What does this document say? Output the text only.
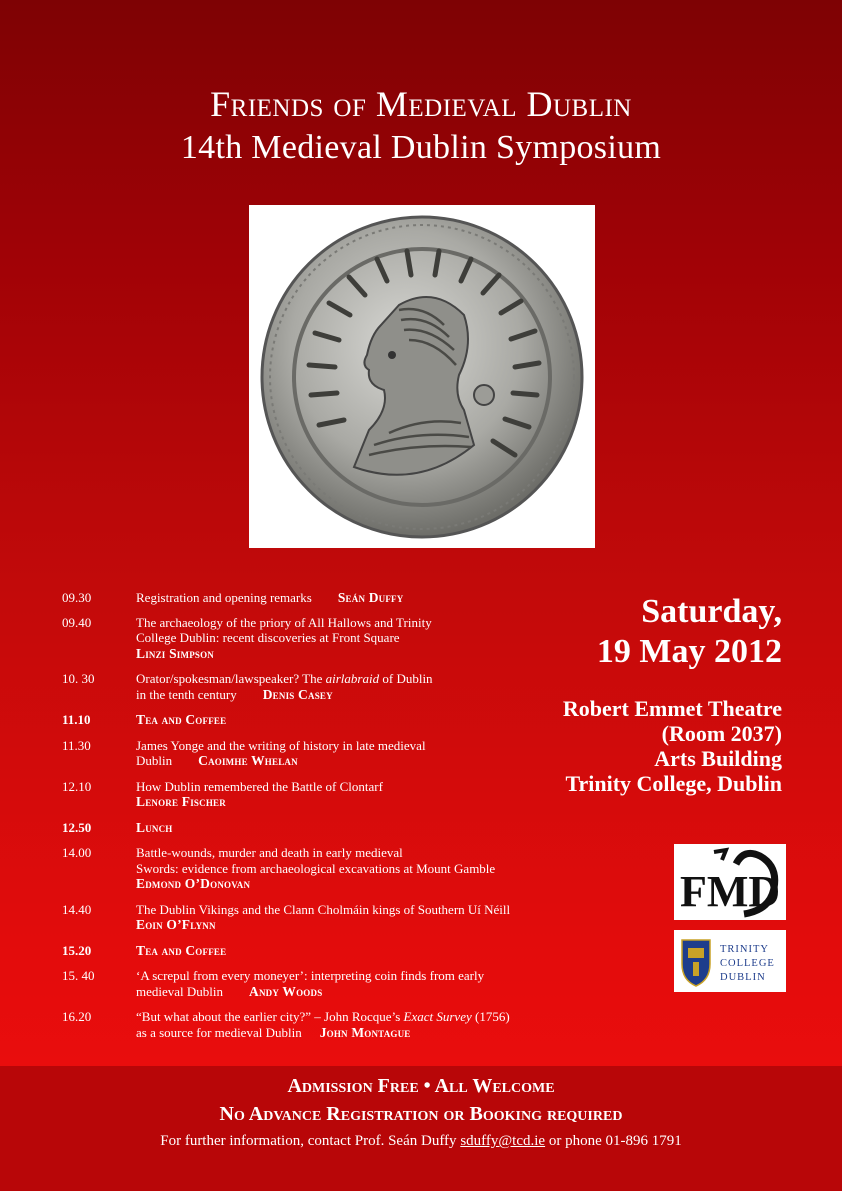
Friends of Medieval Dublin
14th Medieval Dublin Symposium
Saturday,
19 May 2012
Robert Emmet Theatre
(Room 2037)
Arts Building
Trinity College, Dublin
09.30	Registration and opening remarks Seán Duffy
09.40	The archaeology of the priory of All Hallows and Trinity
College Dublin: recent discoveries at Front Square
Linzi Simpson
10. 30	Orator/spokesman/lawspeaker? The airlabraid of Dublin
in the tenth century Denis Casey
11.10	Tea and Coffee
11.30	James Yonge and the writing of history in late medieval
Dublin Caoimhe Whelan
12.10	How Dublin remembered the Battle of Clontarf
Lenore Fischer
12.50	Lunch
14.00	Battle-wounds, murder and death in early medieval
Swords: evidence from archaeological excavations at Mount Gamble
Edmond O’Donovan
14.40	The Dublin Vikings and the Clann Cholmáin kings of Southern Uí Néill
Eoin O’Flynn
15.20	Tea and Coffee
15. 40	‘A screpul from every moneyer’: interpreting coin finds from early
medieval Dublin Andy Woods
16.20	“But what about the earlier city?” – John Rocque’s Exact Survey (1756)
as a source for medieval Dublin John Montague
FMD
TRINITY
COLLEGE
DUBLIN
Admission Free • All Welcome
No Advance Registration or Booking required
For further information, contact Prof. Seán Duffy sduffy@tcd.ie or phone 01-896 1791
